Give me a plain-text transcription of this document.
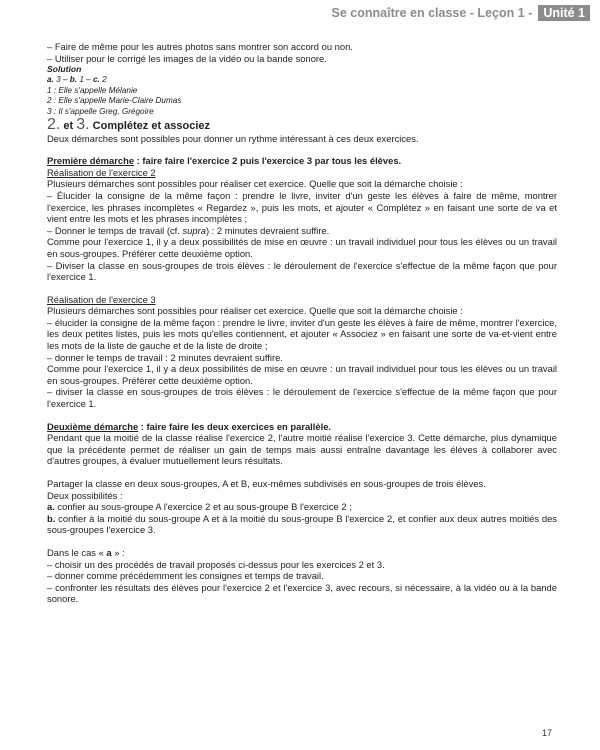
Se connaître en classe - Leçon 1 - Unité 1

– Faire de même pour les autres photos sans montrer son accord ou non.

– Utiliser pour le corrigé les images de la vidéo ou la bande sonore.

Solution

a. 3 – b. 1 – c. 2

1 : Elle s'appelle Mélanie

2 : Elle s'appelle Marie-Claire Dumas

3 : Il s'appelle Greg, Grégoire

2. et 3. Complétez et associez

Deux démarches sont possibles pour donner un rythme intéressant à ces deux exercices.

Première démarche : faire faire l'exercice 2 puis l'exercice 3 par tous les élèves.

Réalisation de l'exercice 2

Plusieurs démarches sont possibles pour réaliser cet exercice. Quelle que soit la démarche choisie :

– Élucider la consigne de la même façon : prendre le livre, inviter d'un geste les élèves à faire de même, montrer l'exercice, les phrases incomplètes « Regardez », puis les mots, et ajouter « Complétez » en faisant une sorte de va et vient entre les mots et les phrases incomplètes ;

– Donner le temps de travail (cf. supra) : 2 minutes devraient suffire.

Comme pour l'exercice 1, il y a deux possibilités de mise en œuvre : un travail individuel pour tous les élèves ou un travail en sous-groupes. Préférer cette deuxième option.

– Diviser la classe en sous-groupes de trois élèves : le déroulement de l'exercice s'effectue de la même façon que pour l'exercice 1.

Réalisation de l'exercice 3

Plusieurs démarches sont possibles pour réaliser cet exercice. Quelle que soit la démarche choisie :

– élucider la consigne de la même façon : prendre le livre, inviter d'un geste les élèves à faire de même, montrer l'exercice, les deux petites listes, puis les mots qu'elles contiennent, et ajouter « Associez » en faisant une sorte de va-et-vient entre les mots de la liste de gauche et de la liste de droite ;

– donner le temps de travail : 2 minutes devraient suffire.

Comme pour l'exercice 1, il y a deux possibilités de mise en œuvre : un travail individuel pour tous les élèves ou un travail en sous-groupes. Préférer cette deuxième option.

– diviser la classe en sous-groupes de trois élèves : le déroulement de l'exercice s'effectue de la même façon que pour l'exercice 1.

Deuxième démarche : faire faire les deux exercices en parallèle.

Pendant que la moitié de la classe réalise l'exercice 2, l'autre moitié réalise l'exercice 3. Cette démarche, plus dynamique que la précédente permet de réaliser un gain de temps mais aussi entraîne davantage les élèves à collaborer avec d'autres groupes, à évaluer mutuellement leurs résultats.

Partager la classe en deux sous-groupes, A et B, eux-mêmes subdivisés en sous-groupes de trois élèves.

Deux possibilités :

a. confier au sous-groupe A l'exercice 2 et au sous-groupe B l'exercice 2 ;

b. confier à la moitié du sous-groupe A et à la moitié du sous-groupe B l'exercice 2, et confier aux deux autres moitiés des sous-groupes l'exercice 3.

Dans le cas « a » :

– choisir un des procédés de travail proposés ci-dessus pour les exercices 2 et 3.

– donner comme précédemment les consignes et temps de travail.

– confronter les résultats des élèves pour l'exercice 2 et l'exercice 3, avec recours, si nécessaire, à la vidéo ou à la bande sonore.

17
